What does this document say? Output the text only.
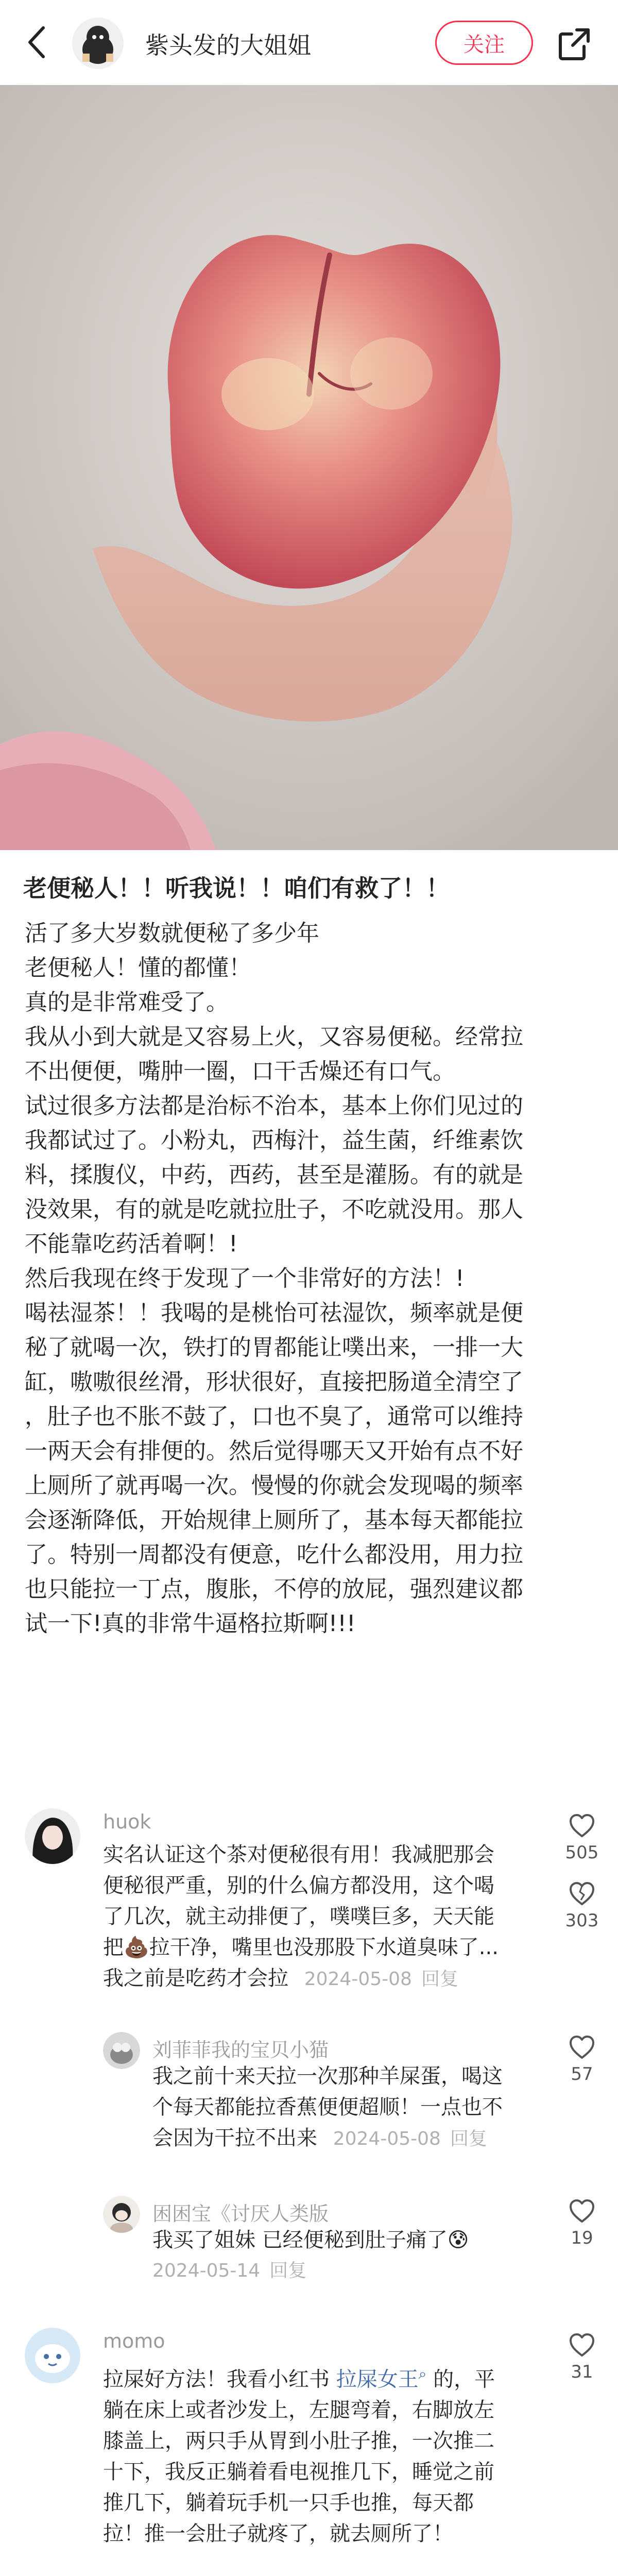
紫头发的大姐姐	关注
老便秘人！！听我说！！咱们有救了！！

活了多大岁数就便秘了多少年

老便秘人！懂的都懂！

真的是非常难受了。

我从小到大就是又容易上火，又容易便秘。经常拉

不出便便，嘴肿一圈，口干舌燥还有口气。

试过很多方法都是治标不治本，基本上你们见过的

我都试过了。小粉丸，西梅汁，益生菌，纤维素饮

料，揉腹仪，中药，西药，甚至是灌肠。有的就是

没效果，有的就是吃就拉肚子，不吃就没用。那人

不能靠吃药活着啊！!

然后我现在终于发现了一个非常好的方法！!

喝祛湿茶！！我喝的是桃怡可祛湿饮，频率就是便

秘了就喝一次，铁打的胃都能让噗出来，一排一大

缸，嗷嗷很丝滑，形状很好，直接把肠道全清空了

，肚子也不胀不鼓了，口也不臭了，通常可以维持

一两天会有排便的。然后觉得哪天又开始有点不好

上厕所了就再喝一次。慢慢的你就会发现喝的频率

会逐渐降低，开始规律上厕所了，基本每天都能拉

了。特别一周都没有便意，吃什么都没用，用力拉

也只能拉一丁点，腹胀，不停的放屁，强烈建议都

试一下!真的非常牛逼格拉斯啊!!!

huok
实名认证这个茶对便秘很有用！我减肥那会
便秘很严重，别的什么偏方都没用，这个喝
了几次，就主动排便了，噗噗巨多，天天能
把💩拉干净，嘴里也没那股下水道臭味了...
我之前是吃药才会拉 2024-05-08 回复
505
303
刘菲菲我的宝贝小猫
我之前十来天拉一次那种羊屎蛋，喝这
个每天都能拉香蕉便便超顺！一点也不
会因为干拉不出来 2024-05-08 回复
57
困困宝《讨厌人类版
我买了姐妹 已经便秘到肚子痛了😰
2024-05-14 回复
19
momo
拉屎好方法！我看小红书 拉屎女王⌕ 的，平
躺在床上或者沙发上，左腿弯着，右脚放左
膝盖上，两只手从胃到小肚子推，一次推二
十下，我反正躺着看电视推几下，睡觉之前
推几下，躺着玩手机一只手也推，每天都
拉！推一会肚子就疼了，就去厕所了！
31
